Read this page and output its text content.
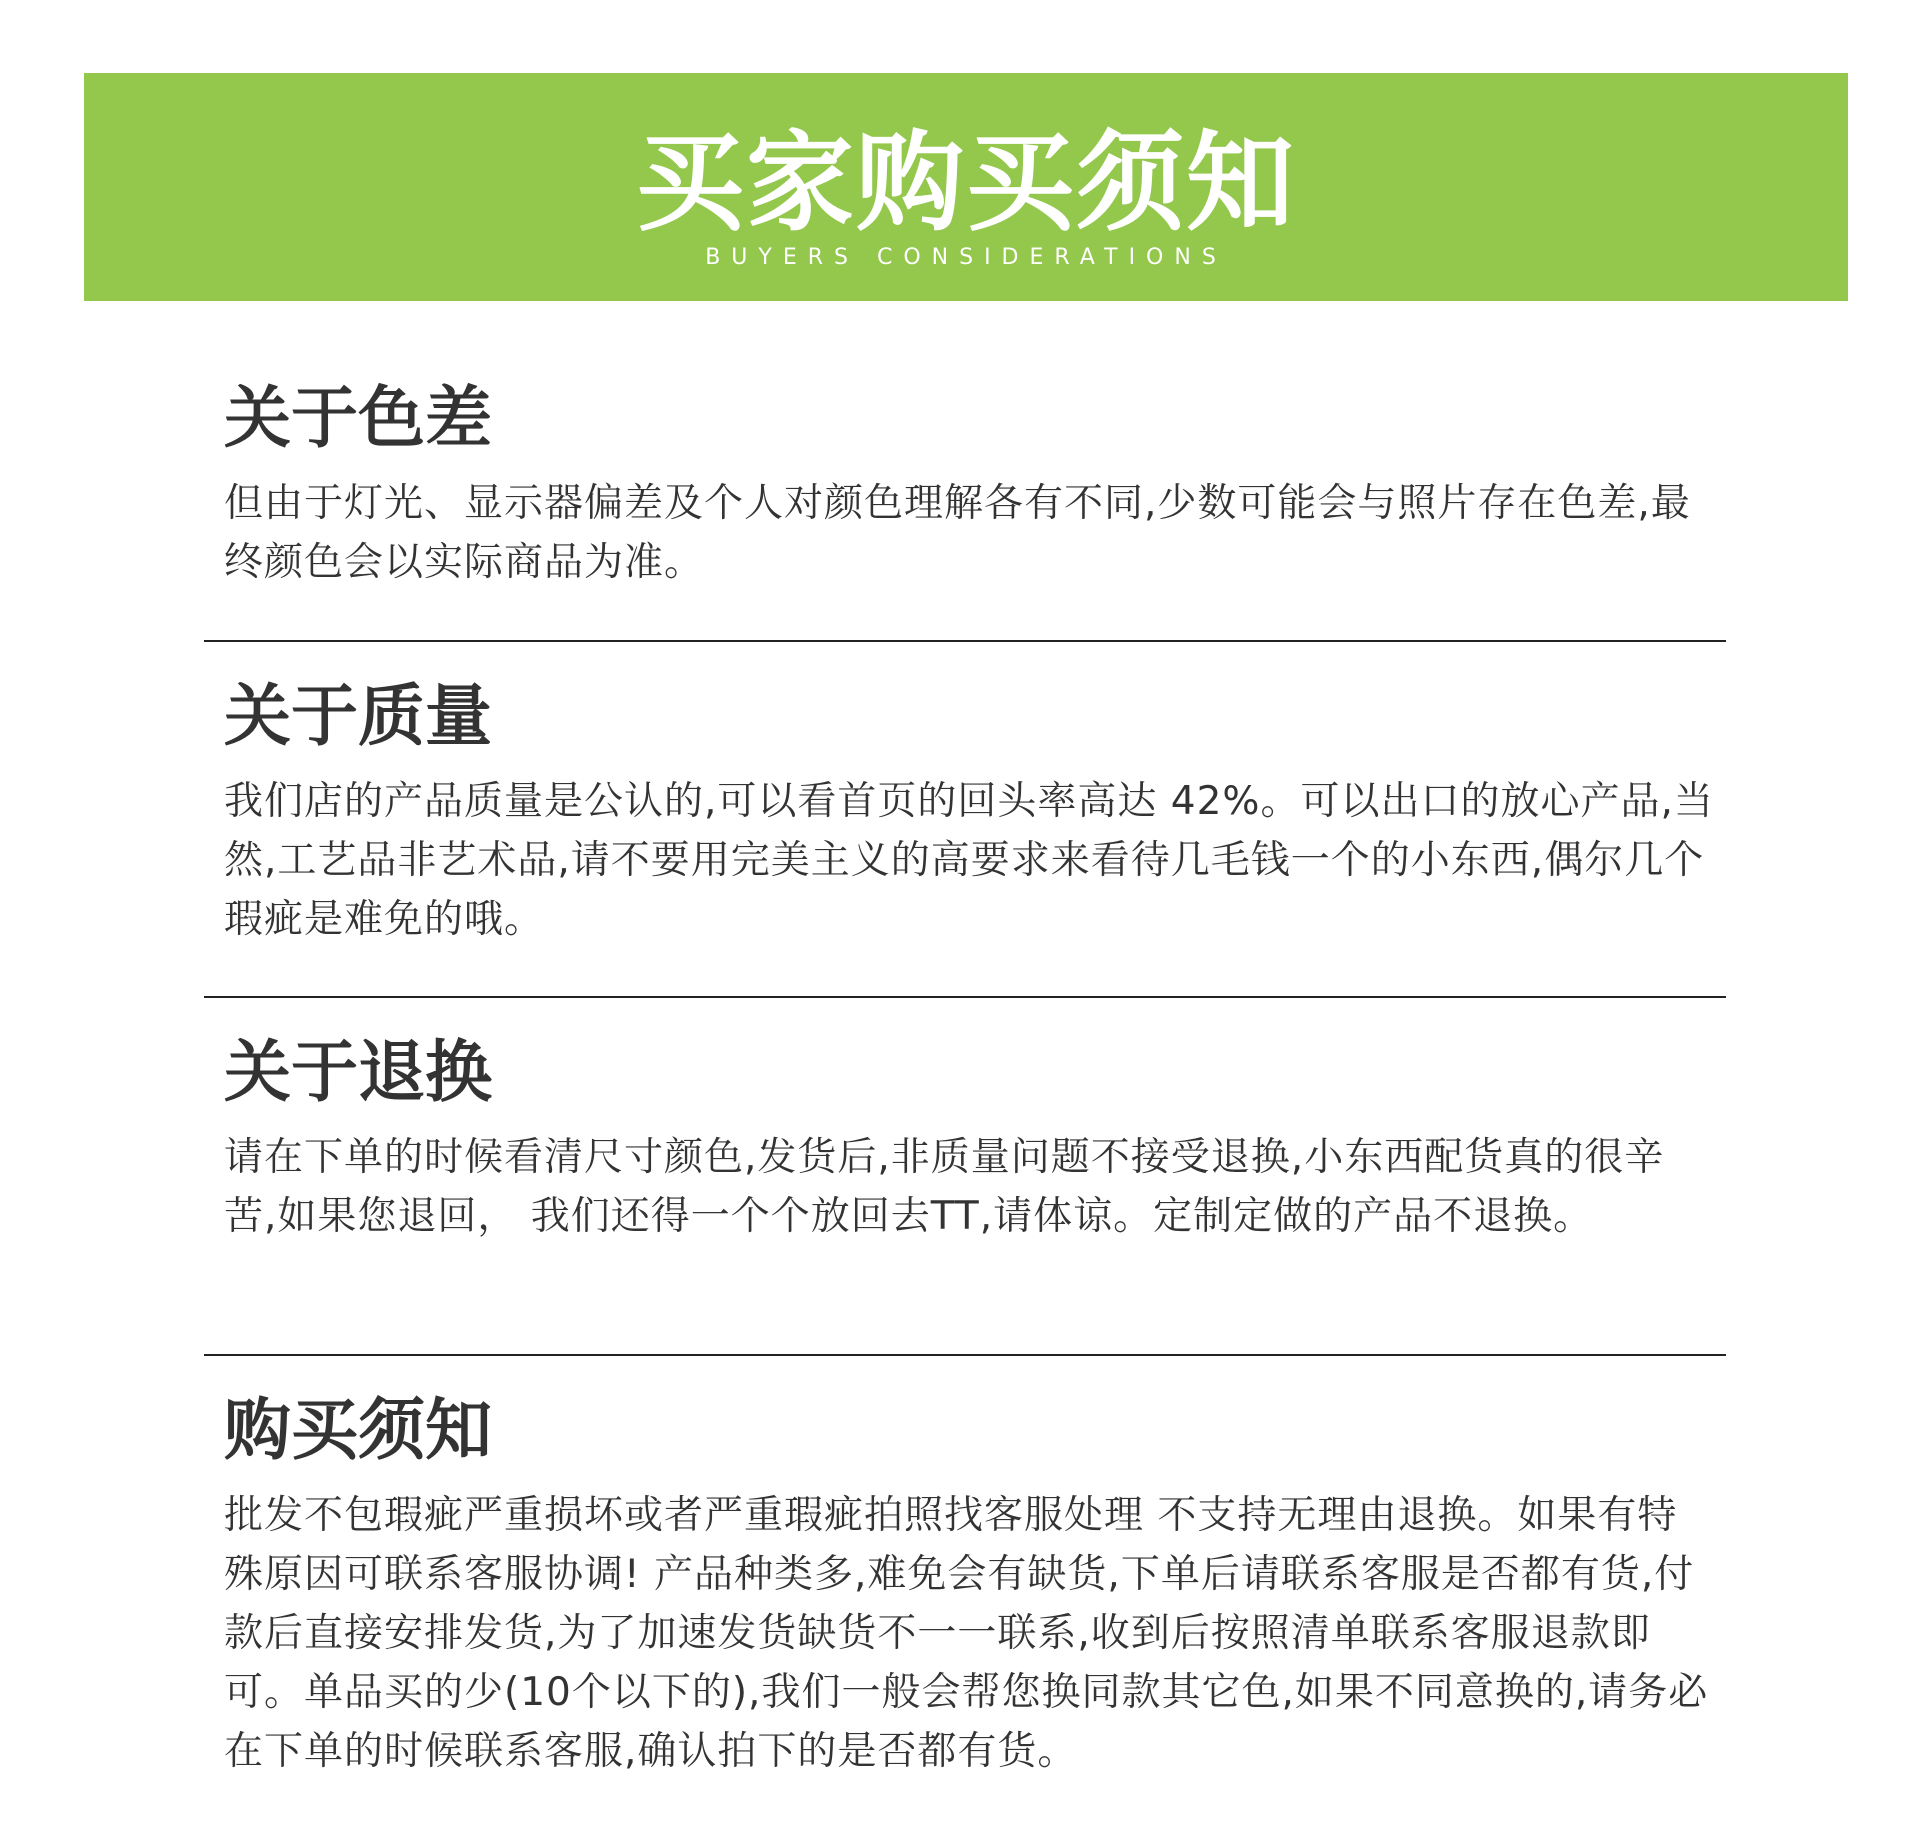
买家购买须知
BUYERS CONSIDERATIONS
关于色差

但由于灯光、显示器偏差及个人对颜色理解各有不同,少数可能会与照片存在色差,最终颜色会以实际商品为准。

关于质量

我们店的产品质量是公认的,可以看首页的回头率高达 42%。可以出口的放心产品,当然,工艺品非艺术品,请不要用完美主义的高要求来看待几毛钱一个的小东西,偶尔几个瑕疵是难免的哦。

关于退换

请在下单的时候看清尺寸颜色,发货后,非质量问题不接受退换,小东西配货真的很辛苦,如果您退回， 我们还得一个个放回去TT,请体谅。定制定做的产品不退换。

购买须知

批发不包瑕疵严重损坏或者严重瑕疵拍照找客服处理 不支持无理由退换。如果有特殊原因可联系客服协调! 产品种类多,难免会有缺货,下单后请联系客服是否都有货,付款后直接安排发货,为了加速发货缺货不一一联系,收到后按照清单联系客服退款即可。单品买的少(10个以下的),我们一般会帮您换同款其它色,如果不同意换的,请务必在下单的时候联系客服,确认拍下的是否都有货。
